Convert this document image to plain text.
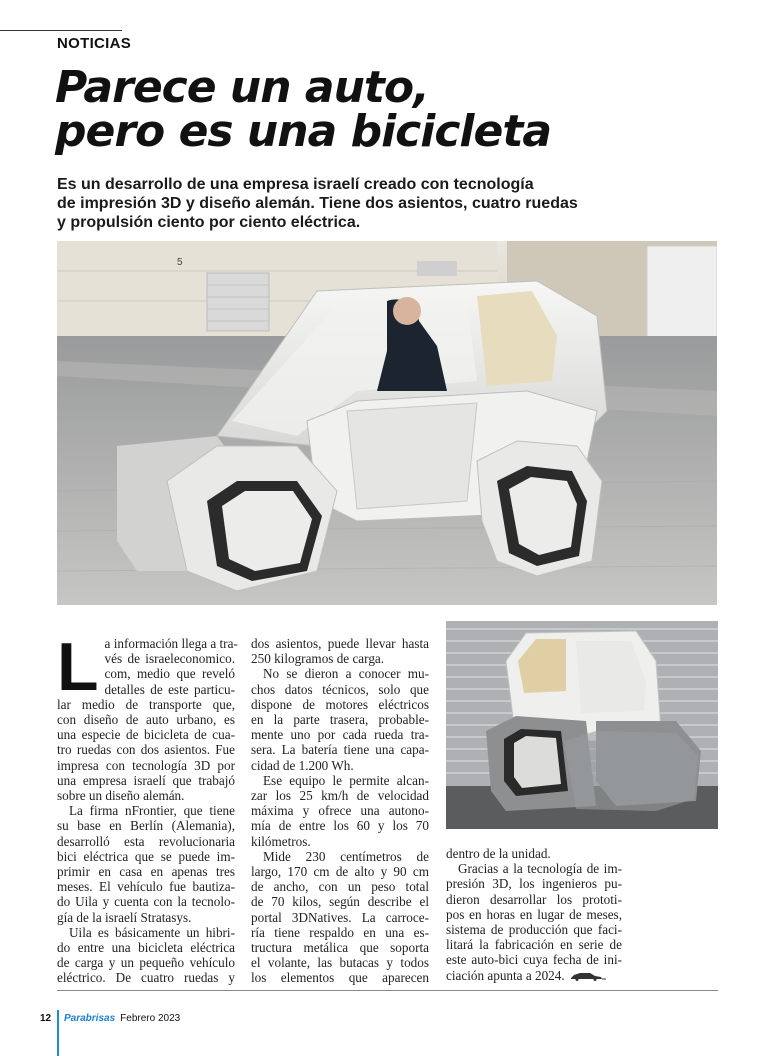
NOTICIAS
Parece un auto,
pero es una bicicleta
Es un desarrollo de una empresa israelí creado con tecnología
de impresión 3D y diseño alemán. Tiene dos asientos, cuatro ruedas
y propulsión ciento por ciento eléctrica.
5
L a información llega a tra-
vés de israeleconomico.
com, medio que reveló
detalles de este particu-
lar medio de transporte que,
con diseño de auto urbano, es
una especie de bicicleta de cua-
tro ruedas con dos asientos. Fue
impresa con tecnología 3D por
una empresa israelí que trabajó
sobre un diseño alemán.
La firma nFrontier, que tiene
su base en Berlín (Alemania),
desarrolló esta revolucionaria
bici eléctrica que se puede im-
primir en casa en apenas tres
meses. El vehículo fue bautiza-
do Uila y cuenta con la tecnolo-
gía de la israelí Stratasys.
Uila es básicamente un hibri-
do entre una bicicleta eléctrica
de carga y un pequeño vehículo
eléctrico. De cuatro ruedas y
dos asientos, puede llevar hasta
250 kilogramos de carga.
No se dieron a conocer mu-
chos datos técnicos, solo que
dispone de motores eléctricos
en la parte trasera, probable-
mente uno por cada rueda tra-
sera. La batería tiene una capa-
cidad de 1.200 Wh.
Ese equipo le permite alcan-
zar los 25 km/h de velocidad
máxima y ofrece una autono-
mía de entre los 60 y los 70
kilómetros.
Mide 230 centímetros de
largo, 170 cm de alto y 90 cm
de ancho, con un peso total
de 70 kilos, según describe el
portal 3DNatives. La carroce-
ría tiene respaldo en una es-
tructura metálica que soporta
el volante, las butacas y todos
los elementos que aparecen
dentro de la unidad.
Gracias a la tecnología de im-
presión 3D, los ingenieros pu-
dieron desarrollar los prototi-
pos en horas en lugar de meses,
sistema de producción que faci-
litará la fabricación en serie de
este auto-bici cuya fecha de ini-
ciación apunta a 2024.
12	Parabrisas Febrero 2023
